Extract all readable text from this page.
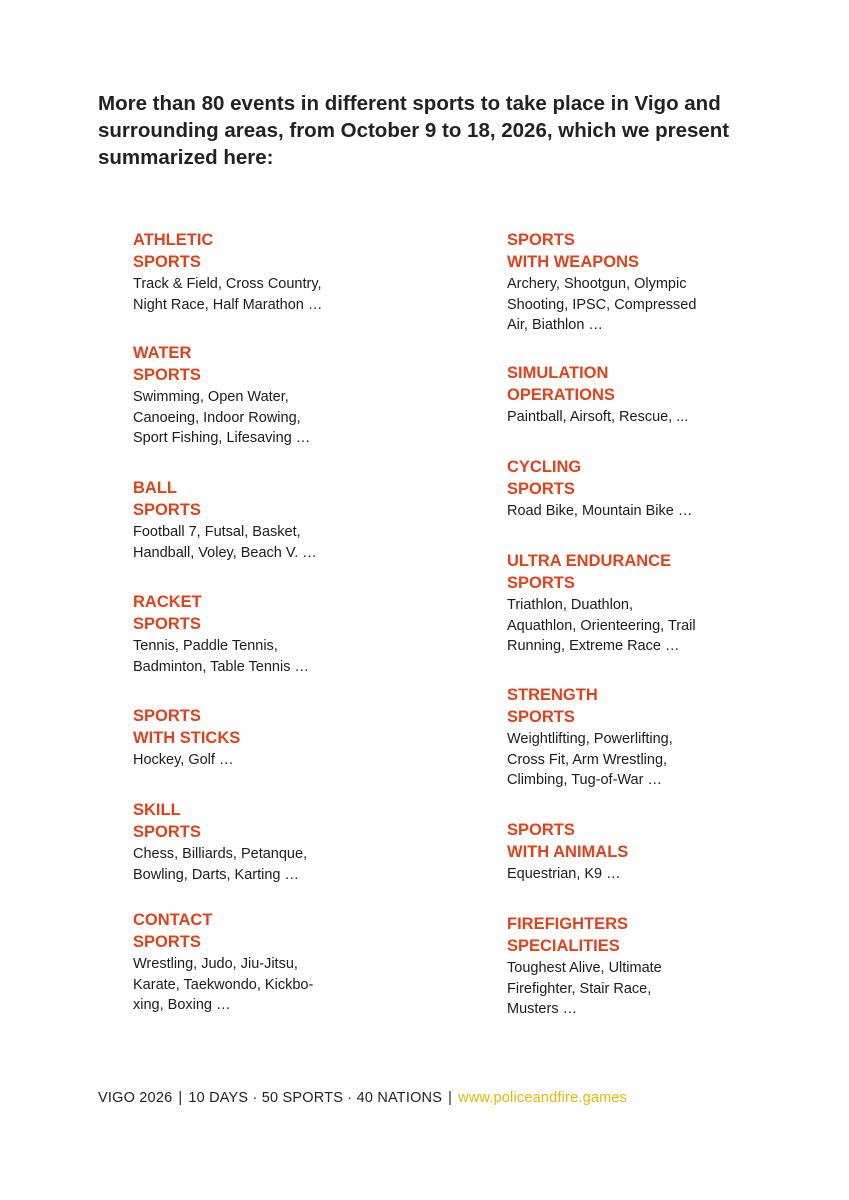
More than 80 events in different sports to take place in Vigo and surrounding areas, from October 9 to 18, 2026, which we present summarized here:
ATHLETIC
SPORTS
Track & Field, Cross Country,
Night Race, Half Marathon …
WATER
SPORTS
Swimming, Open Water,
Canoeing, Indoor Rowing,
Sport Fishing, Lifesaving …
BALL
SPORTS
Football 7, Futsal, Basket,
Handball, Voley, Beach V. …
RACKET
SPORTS
Tennis, Paddle Tennis,
Badminton, Table Tennis …
SPORTS
WITH STICKS
Hockey, Golf …
SKILL
SPORTS
Chess, Billiards, Petanque,
Bowling, Darts, Karting …
CONTACT
SPORTS
Wrestling, Judo, Jiu-Jitsu,
Karate, Taekwondo, Kickbo-
xing, Boxing …
SPORTS
WITH WEAPONS
Archery, Shootgun, Olympic
Shooting, IPSC, Compressed
Air, Biathlon …
SIMULATION
OPERATIONS
Paintball, Airsoft, Rescue, ...
CYCLING
SPORTS
Road Bike, Mountain Bike …
ULTRA ENDURANCE
SPORTS
Triathlon, Duathlon,
Aquathlon, Orienteering, Trail
Running, Extreme Race …
STRENGTH
SPORTS
Weightlifting, Powerlifting,
Cross Fit, Arm Wrestling,
Climbing, Tug-of-War …
SPORTS
WITH ANIMALS
Equestrian, K9 …
FIREFIGHTERS
SPECIALITIES
Toughest Alive, Ultimate
Firefighter, Stair Race,
Musters …
VIGO 2026 | 10 DAYS · 50 SPORTS · 40 NATIONS | www.policeandfire.games
